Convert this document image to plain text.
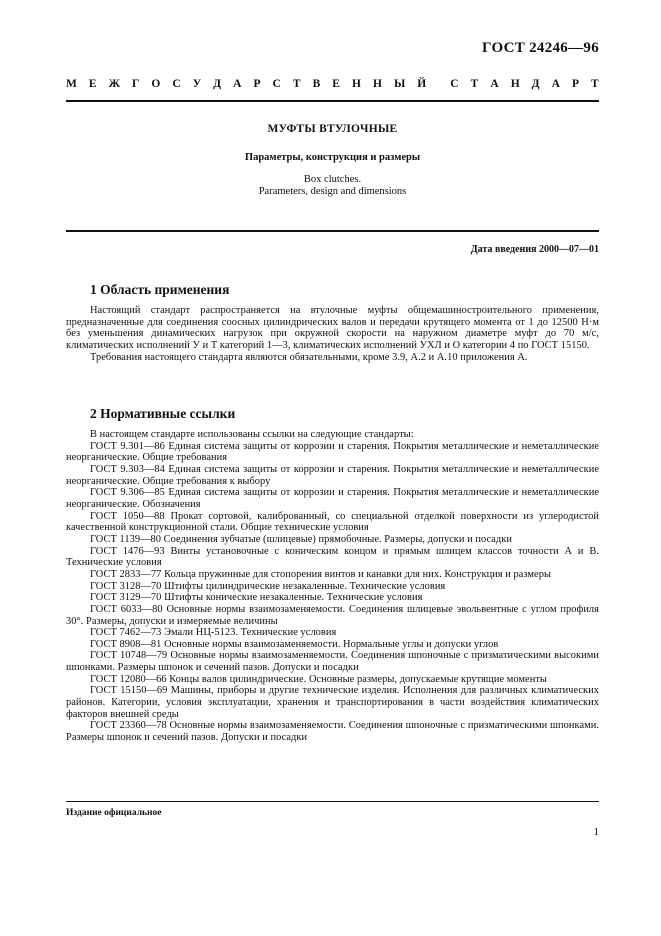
ГОСТ 24246—96
М Е Ж Г О С У Д А Р С Т В Е Н Н Ы Й С Т А Н Д А Р Т
МУФТЫ ВТУЛОЧНЫЕ
Параметры, конструкция и размеры
Box clutches.
Parameters, design and dimensions
Дата введения 2000—07—01
1 Область применения

Настоящий стандарт распространяется на втулочные муфты общемашиностроительного применения, предназначенные для соединения соосных цилиндрических валов и передачи крутящего момента от 1 до 12500 Н·м без уменьшения динамических нагрузок при окружной скорости на наружном диаметре муфт до 70 м/с, климатических исполнений У и Т категорий 1—3, климатических исполнений УХЛ и О категории 4 по ГОСТ 15150.

Требования настоящего стандарта являются обязательными, кроме 3.9, А.2 и А.10 приложения А.

2 Нормативные ссылки

В настоящем стандарте использованы ссылки на следующие стандарты:

ГОСТ 9.301—86 Единая система защиты от коррозии и старения. Покрытия металлические и неметаллические неорганические. Общие требования

ГОСТ 9.303—84 Единая система защиты от коррозии и старения. Покрытия металлические и неметаллические неорганические. Общие требования к выбору

ГОСТ 9.306—85 Единая система защиты от коррозии и старения. Покрытия металлические и неметаллические неорганические. Обозначения

ГОСТ 1050—88 Прокат сортовой, калиброванный, со специальной отделкой поверхности из углеродистой качественной конструкционной стали. Общие технические условия

ГОСТ 1139—80 Соединения зубчатые (шлицевые) прямобочные. Размеры, допуски и посадки

ГОСТ 1476—93 Винты установочные с коническим концом и прямым шлицем классов точности А и В. Технические условия

ГОСТ 2833—77 Кольца пружинные для стопорения винтов и канавки для них. Конструкция и размеры

ГОСТ 3128—70 Штифты цилиндрические незакаленные. Технические условия

ГОСТ 3129—70 Штифты конические незакаленные. Технические условия

ГОСТ 6033—80 Основные нормы взаимозаменяемости. Соединения шлицевые эвольвентные с углом профиля 30°. Размеры, допуски и измеряемые величины

ГОСТ 7462—73 Эмали НЦ-5123. Технические условия

ГОСТ 8908—81 Основные нормы взаимозаменяемости. Нормальные углы и допуски углов

ГОСТ 10748—79 Основные нормы взаимозаменяемости. Соединения шпоночные с призматическими высокими шпонками. Размеры шпонок и сечений пазов. Допуски и посадки

ГОСТ 12080—66 Концы валов цилиндрические. Основные размеры, допускаемые крутящие моменты

ГОСТ 15150—69 Машины, приборы и другие технические изделия. Исполнения для различных климатических районов. Категории, условия эксплуатации, хранения и транспортирования в части воздействия климатических факторов внешней среды

ГОСТ 23360—78 Основные нормы взаимозаменяемости. Соединения шпоночные с призматическими шпонками. Размеры шпонок и сечений пазов. Допуски и посадки

Издание официальное
1
